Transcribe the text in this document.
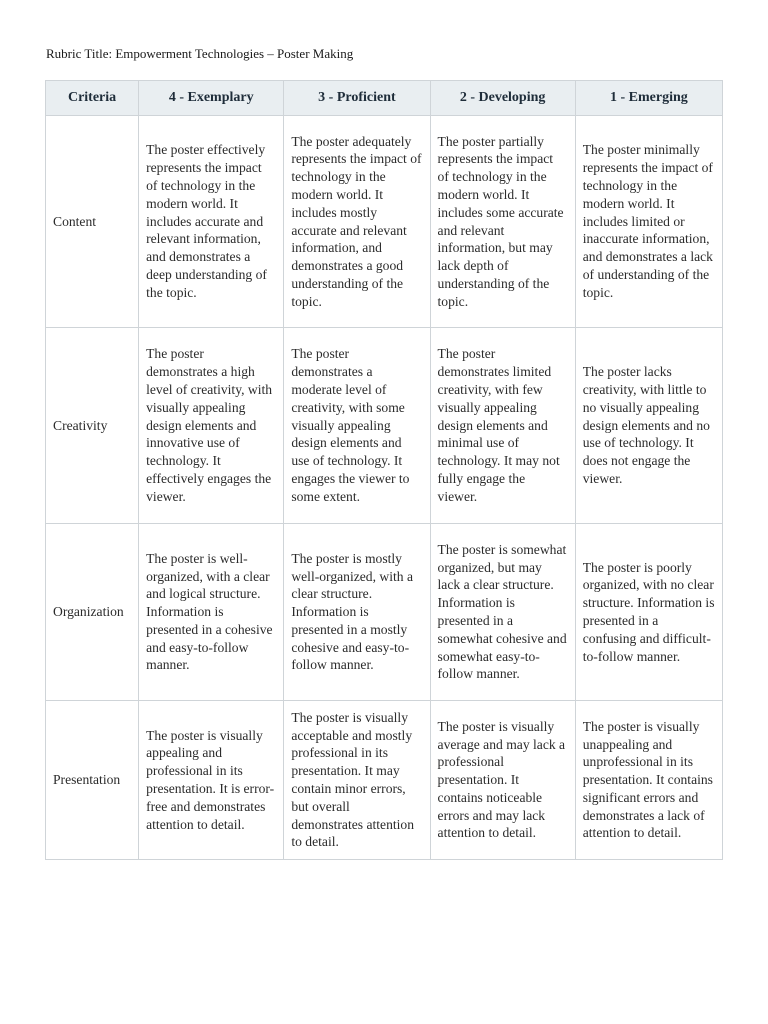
Rubric Title: Empowerment Technologies – Poster Making
Criteria	4 - Exemplary	3 - Proficient	2 - Developing	1 - Emerging
Content	The poster effectively represents the impact of technology in the modern world. It includes accurate and relevant information, and demonstrates a deep understanding of the topic.	The poster adequately represents the impact of technology in the modern world. It includes mostly accurate and relevant information, and demonstrates a good understanding of the topic.	The poster partially represents the impact of technology in the modern world. It includes some accurate and relevant information, but may lack depth of understanding of the topic.	The poster minimally represents the impact of technology in the modern world. It includes limited or inaccurate information, and demonstrates a lack of understanding of the topic.
Creativity	The poster demonstrates a high level of creativity, with visually appealing design elements and innovative use of technology. It effectively engages the viewer.	The poster demonstrates a moderate level of creativity, with some visually appealing design elements and use of technology. It engages the viewer to some extent.	The poster demonstrates limited creativity, with few visually appealing design elements and minimal use of technology. It may not fully engage the viewer.	The poster lacks creativity, with little to no visually appealing design elements and no use of technology. It does not engage the viewer.
Organization	The poster is well-organized, with a clear and logical structure. Information is presented in a cohesive and easy-to-follow manner.	The poster is mostly well-organized, with a clear structure. Information is presented in a mostly cohesive and easy-to-follow manner.	The poster is somewhat organized, but may lack a clear structure. Information is presented in a somewhat cohesive and somewhat easy-to-follow manner.	The poster is poorly organized, with no clear structure. Information is presented in a confusing and difficult-to-follow manner.
Presentation	The poster is visually appealing and professional in its presentation. It is error-free and demonstrates attention to detail.	The poster is visually acceptable and mostly professional in its presentation. It may contain minor errors, but overall demonstrates attention to detail.	The poster is visually average and may lack a professional presentation. It contains noticeable errors and may lack attention to detail.	The poster is visually unappealing and unprofessional in its presentation. It contains significant errors and demonstrates a lack of attention to detail.
